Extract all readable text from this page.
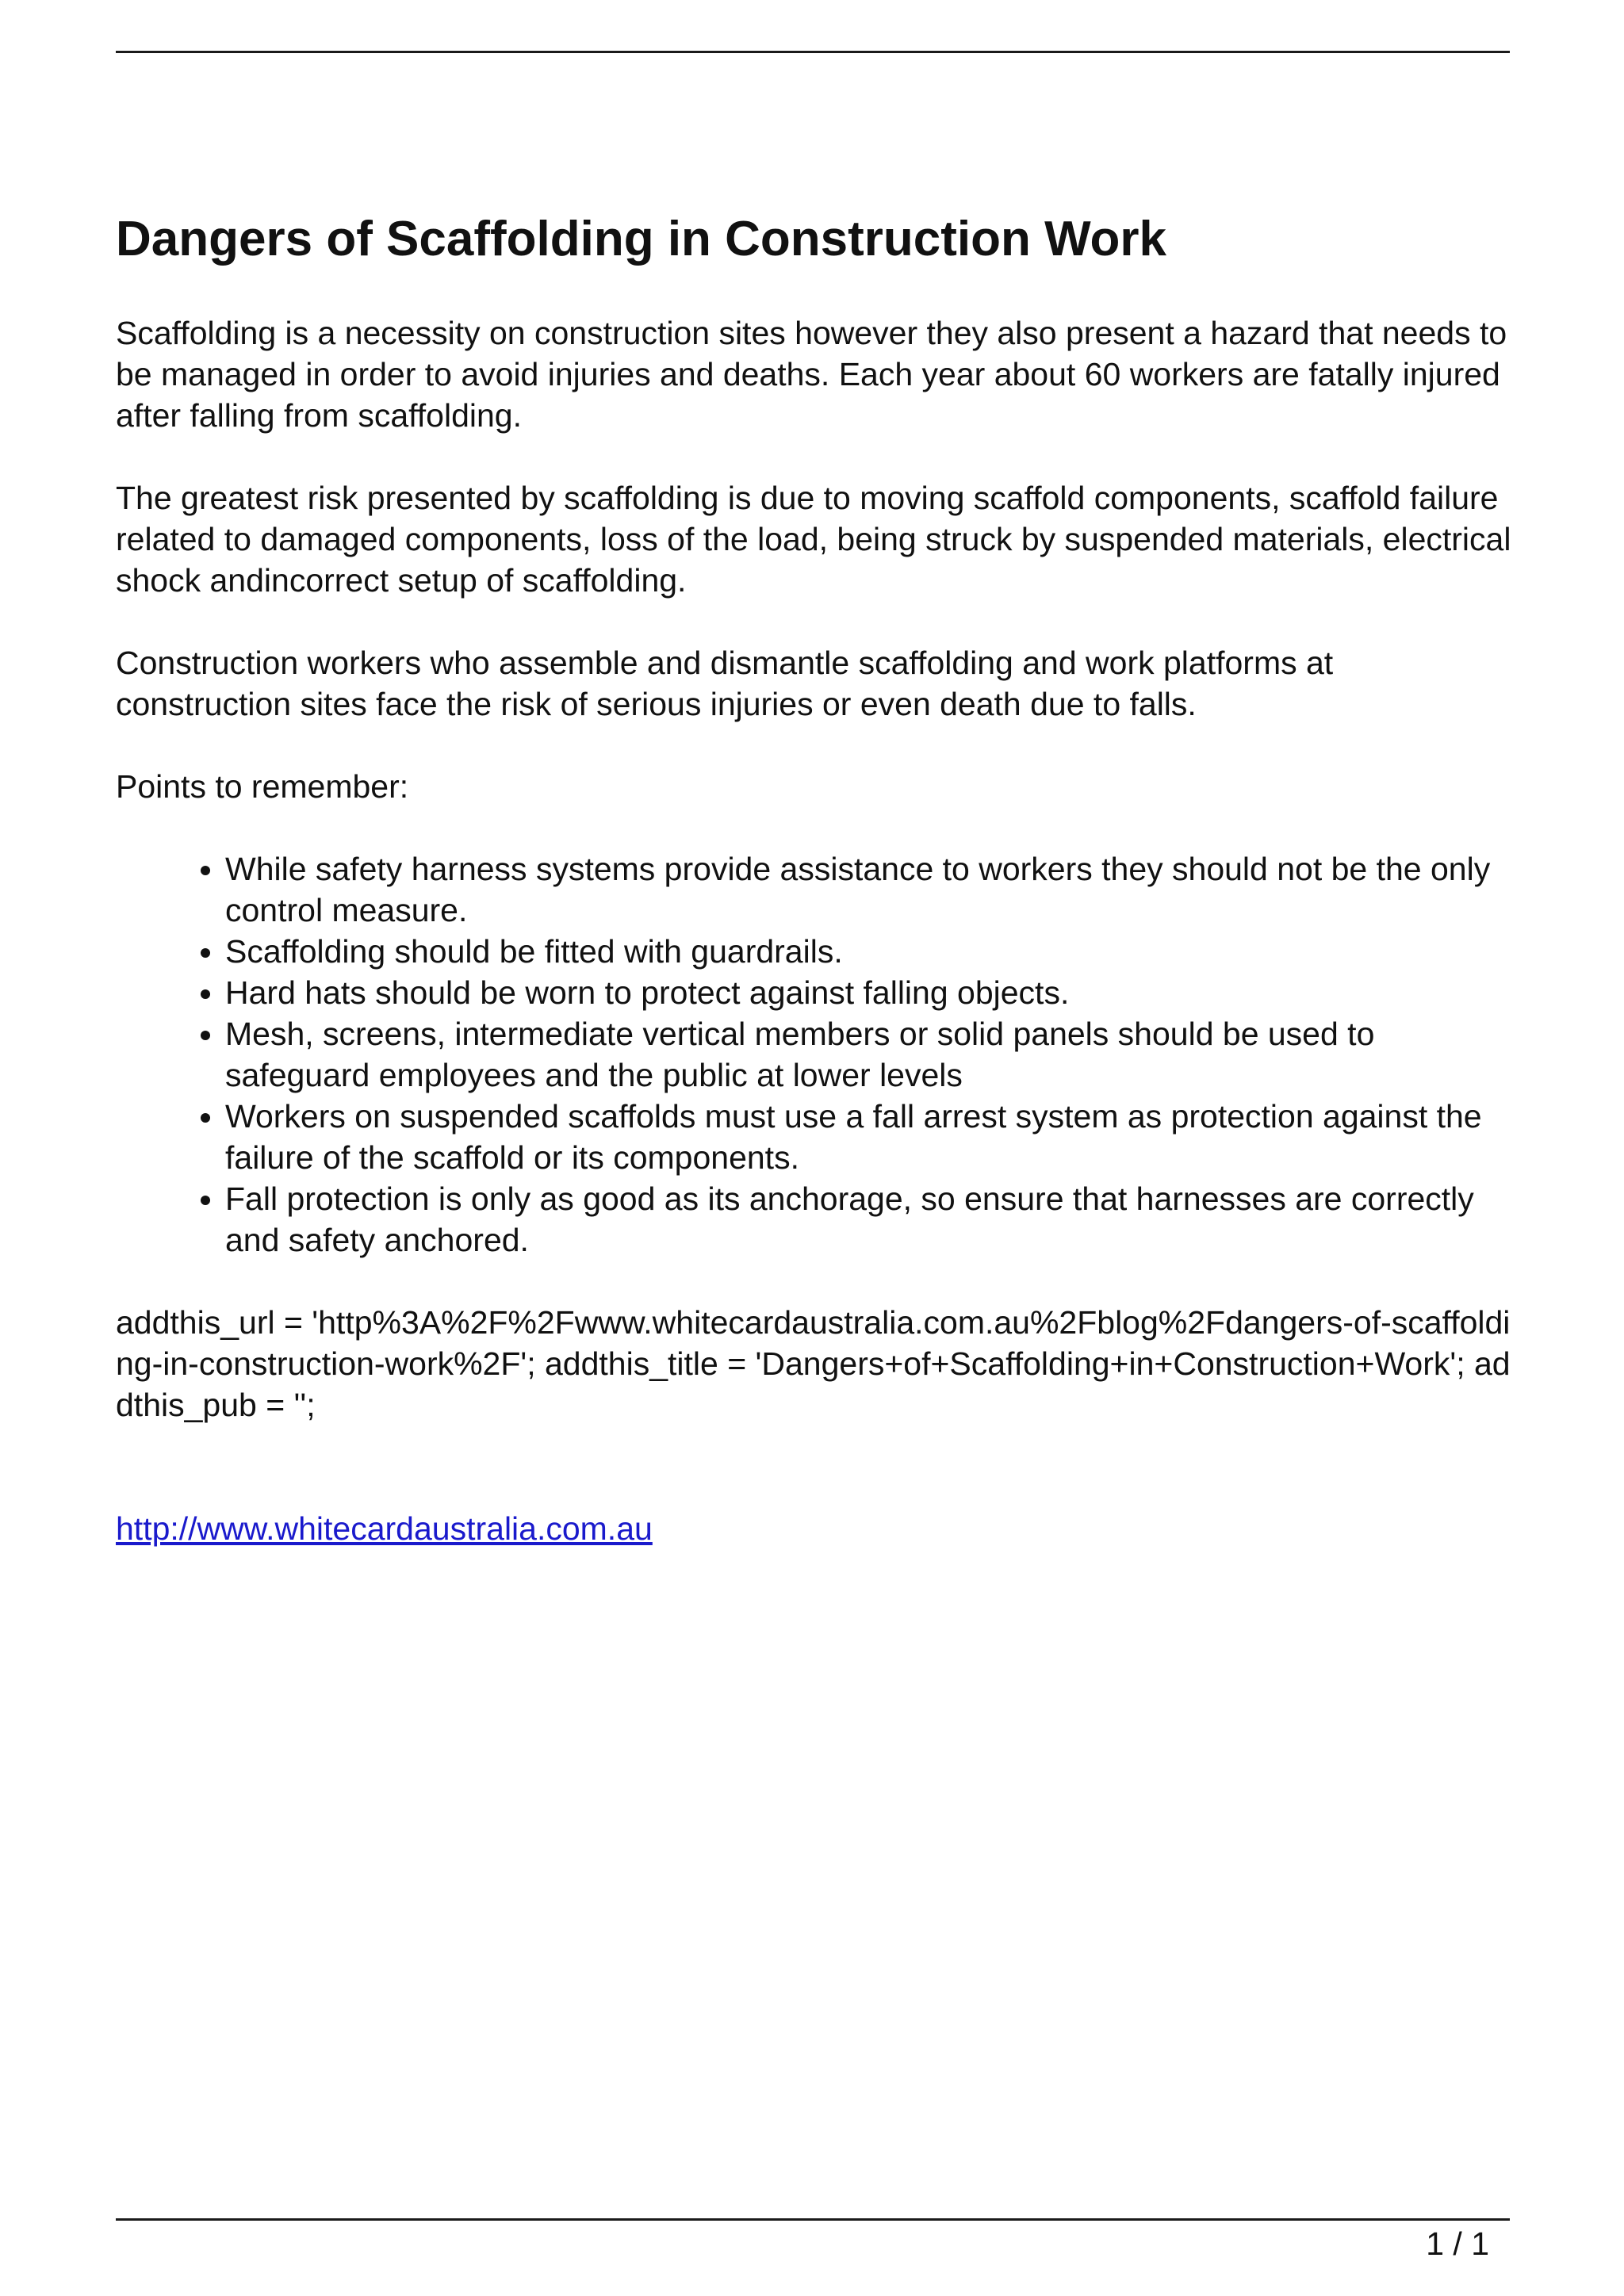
Dangers of Scaffolding in Construction Work

Scaffolding is a necessity on construction sites however they also present a hazard that needs to be managed in order to avoid injuries and deaths. Each year about 60 workers are fatally injured after falling from scaffolding.

The greatest risk presented by scaffolding is due to moving scaffold components, scaffold failure related to damaged components, loss of the load, being struck by suspended materials, electrical shock andincorrect setup of scaffolding.

Construction workers who assemble and dismantle scaffolding and work platforms at construction sites face the risk of serious injuries or even death due to falls.

Points to remember:

• While safety harness systems provide assistance to workers they should not be the only control measure.
• Scaffolding should be fitted with guardrails.
• Hard hats should be worn to protect against falling objects.
• Mesh, screens, intermediate vertical members or solid panels should be used to safeguard employees and the public at lower levels
• Workers on suspended scaffolds must use a fall arrest system as protection against the failure of the scaffold or its components.
• Fall protection is only as good as its anchorage, so ensure that harnesses are correctly and safety anchored.

addthis_url = 'http%3A%2F%2Fwww.whitecardaustralia.com.au%2Fblog%2Fdangers-of-scaffolding-in-construction-work%2F'; addthis_title = 'Dangers+of+Scaffolding+in+Construction+Work'; addthis_pub = '';

http://www.whitecardaustralia.com.au
1 / 1
